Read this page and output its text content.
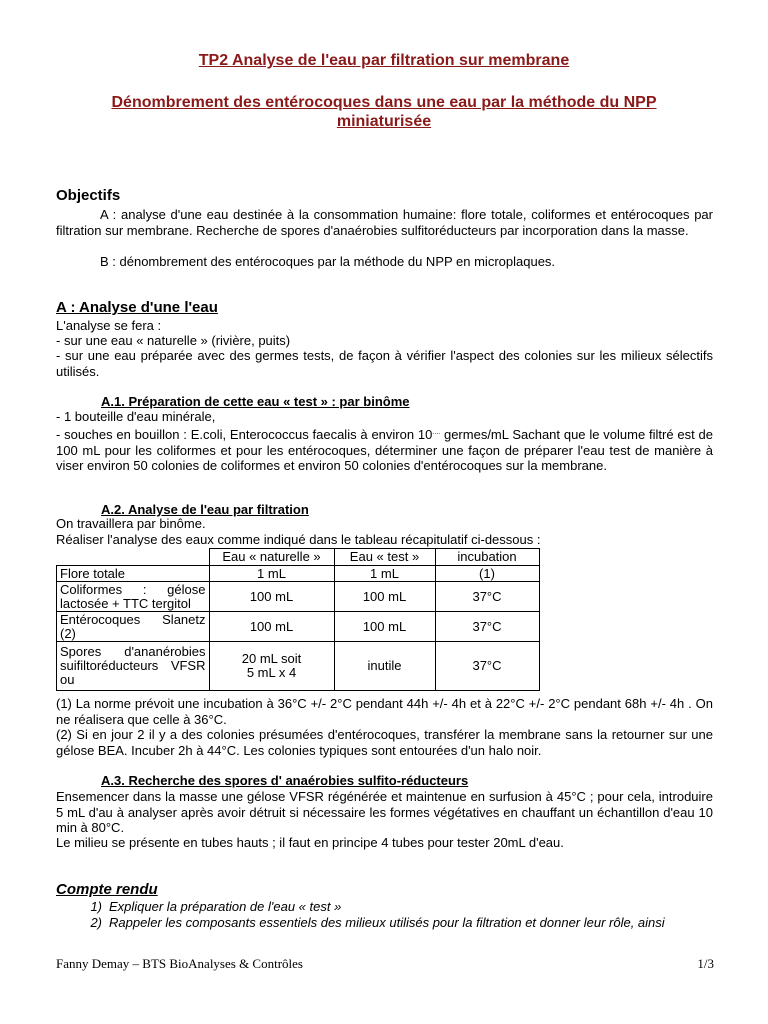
TP2 Analyse de l'eau par filtration sur membrane
Dénombrement des entérocoques dans une eau par la méthode du NPP
miniaturisée
Objectifs
A : analyse d'une eau destinée à la consommation humaine: flore totale, coliformes et entérocoques par filtration sur membrane. Recherche de spores d'anaérobies sulfitoréducteurs par incorporation dans la masse.
B : dénombrement des entérocoques par la méthode du NPP en microplaques.
A : Analyse d'une l'eau
L'analyse se fera :
- sur une eau « naturelle » (rivière, puits)
- sur une eau préparée avec des germes tests, de façon à vérifier l'aspect des colonies sur les milieux sélectifs utilisés.
A.1. Préparation de cette eau « test » : par binôme
- 1 bouteille d'eau minérale,
- souches en bouillon : E.coli, Enterococcus faecalis à environ 10.... germes/mL Sachant que le volume filtré est de 100 mL pour les coliformes et pour les entérocoques, déterminer une façon de préparer l'eau test de manière à viser environ 50 colonies de coliformes et environ 50 colonies d'entérocoques sur la membrane.
A.2. Analyse de l'eau par filtration
On travaillera par binôme.
Réaliser l'analyse des eaux comme indiqué dans le tableau récapitulatif ci-dessous :
	Eau « naturelle »	Eau « test »	incubation
Flore totale	1 mL	1 mL	(1)
Coliformes : gélose lactosée + TTC tergitol	100 mL	100 mL	37°C
Entérocoques Slanetz (2)	100 mL	100 mL	37°C
Spores d'ananérobies suifiltoréducteurs VFSR ou	20 mL soit
5 mL x 4	inutile	37°C
(1) La norme prévoit une incubation à 36°C +/- 2°C pendant 44h +/- 4h et à 22°C +/- 2°C pendant 68h +/- 4h . On ne réalisera que celle à 36°C.
(2) Si en jour 2 il y a des colonies présumées d'entérocoques, transférer la membrane sans la retourner sur une gélose BEA. Incuber 2h à 44°C. Les colonies typiques sont entourées d'un halo noir.
A.3. Recherche des spores d' anaérobies sulfito-réducteurs
Ensemencer dans la masse une gélose VFSR régénérée et maintenue en surfusion à 45°C ; pour cela, introduire 5 mL d'au à analyser après avoir détruit si nécessaire les formes végétatives en chauffant un échantillon d'eau 10 min à 80°C.
Le milieu se présente en tubes hauts ; il faut en principe 4 tubes pour tester 20mL d'eau.
Compte rendu
1) Expliquer la préparation de l'eau « test »
2) Rappeler les composants essentiels des milieux utilisés pour la filtration et donner leur rôle, ainsi
Fanny Demay – BTS BioAnalyses & Contrôles	1/3
